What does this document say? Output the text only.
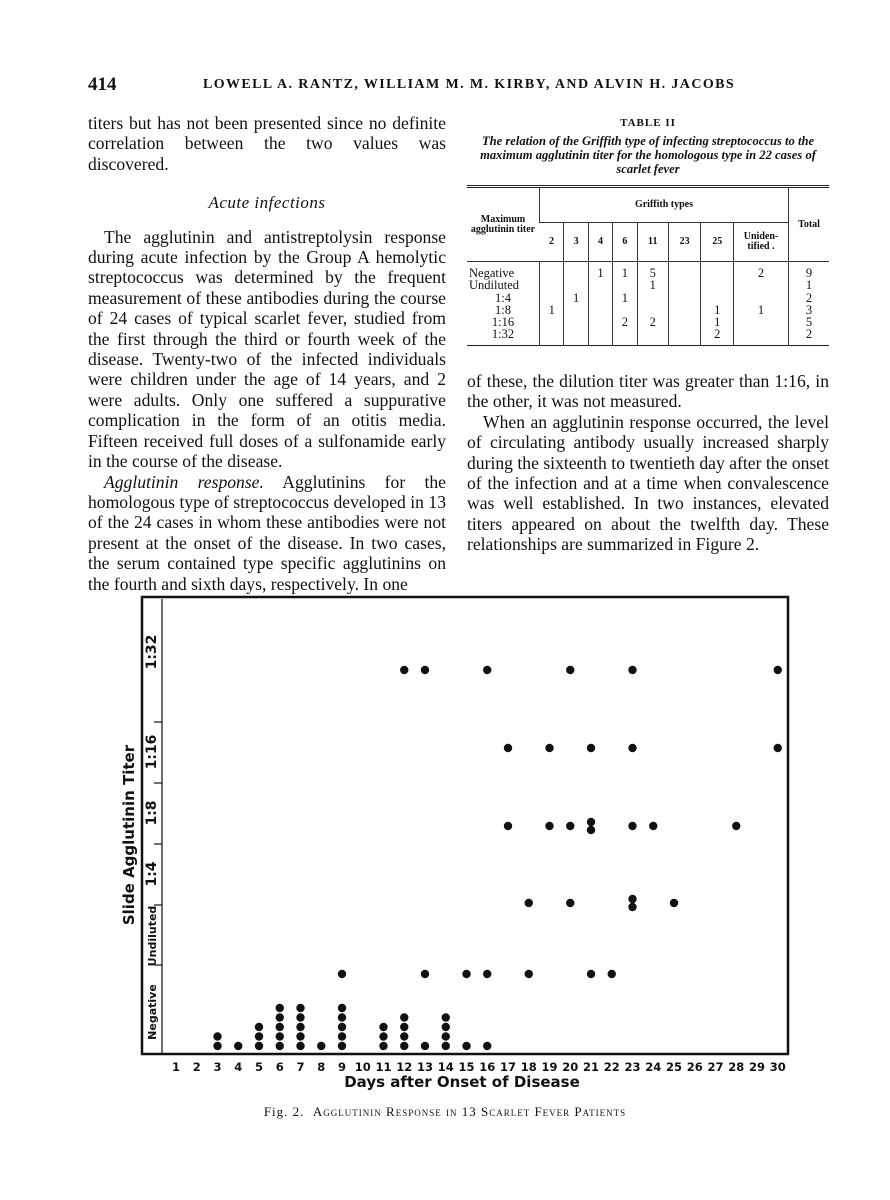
414	LOWELL A. RANTZ, WILLIAM M. M. KIRBY, AND ALVIN H. JACOBS

titers but has not been presented since no definite correlation between the two values was discovered.

Acute infections

The agglutinin and antistreptolysin response during acute infection by the Group A hemolytic streptococcus was determined by the frequent measurement of these antibodies during the course of 24 cases of typical scarlet fever, studied from the first through the third or fourth week of the disease. Twenty-two of the infected individuals were children under the age of 14 years, and 2 were adults. Only one suffered a suppurative complication in the form of an otitis media. Fifteen received full doses of a sulfonamide early in the course of the disease.

Agglutinin response. Agglutinins for the homologous type of streptococcus developed in 13 of the 24 cases in whom these antibodies were not present at the onset of the disease. In two cases, the serum contained type specific agglutinins on the fourth and sixth days, respectively. In one

TABLE II
The relation of the Griffith type of infecting streptococcus to the maximum agglutinin titer for the homologous type in 22 cases of scarlet fever
Maximum agglutinin titer	Griffith types								Total
	2	3	4	6	11	23	25	Uniden-tified .	
Negative			1	1	5			2	9
Undiluted					1				1
1:4		1		1					2
1:8	1						1	1	3
1:16				2	2		1		5
1:32							2		2

of these, the dilution titer was greater than 1:16, in the other, it was not measured.

When an agglutinin response occurred, the level of circulating antibody usually increased sharply during the sixteenth to twentieth day after the onset of the infection and at a time when convalescence was well established. In two instances, elevated titers appeared on about the twelfth day. These relationships are summarized in Figure 2.

Negative
Undiluted
1:4
1:8
1:16
1:32
Slide Agglutinin Titer
1 2 3 4 5 6 7 8 9 10 11 12 13 14 15 16 17 18 19 20 21 22 23 24 25 26 27 28 29 30
Days after Onset of Disease
Fig. 2. Agglutinin Response in 13 Scarlet Fever Patients
